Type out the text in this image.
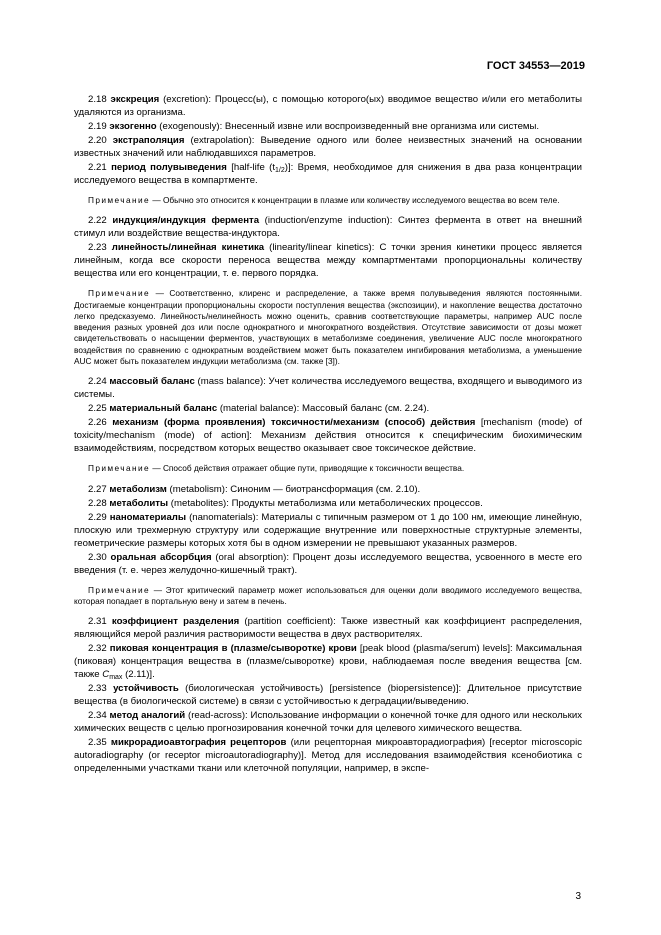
ГОСТ 34553—2019

2.18 экскреция (excretion): Процесс(ы), с помощью которого(ых) вводимое вещество и/или его метаболиты удаляются из организма.

2.19 экзогенно (exogenously): Внесенный извне или воспроизведенный вне организма или системы.

2.20 экстраполяция (extrapolation): Выведение одного или более неизвестных значений на основании известных значений или наблюдавшихся параметров.

2.21 период полувыведения [half-life $(t_{1/2})$]: Время, необходимое для снижения в два раза концентрации исследуемого вещества в компартменте.

Примечание — Обычно это относится к концентрации в плазме или количеству исследуемого вещества во всем теле.

2.22 индукция/индукция фермента (induction/enzyme induction): Синтез фермента в ответ на внешний стимул или воздействие вещества-индуктора.

2.23 линейность/линейная кинетика (linearity/linear kinetics): С точки зрения кинетики процесс является линейным, когда все скорости переноса вещества между компартментами пропорциональны количеству вещества или его концентрации, т. е. первого порядка.

Примечание — Соответственно, клиренс и распределение, а также время полувыведения являются постоянными. Достигаемые концентрации пропорциональны скорости поступления вещества (экспозиции), и накопление вещества достаточно легко предсказуемо. Линейность/нелинейность можно оценить, сравнив соответствующие параметры, например AUC после введения разных уровней доз или после однократного и многократного воздействия. Отсутствие зависимости от дозы может свидетельствовать о насыщении ферментов, участвующих в метаболизме соединения, увеличение AUC после многократного воздействия по сравнению с однократным воздействием может быть показателем ингибирования метаболизма, а уменьшение AUC может быть показателем индукции метаболизма (см. также [3]).

2.24 массовый баланс (mass balance): Учет количества исследуемого вещества, входящего и выводимого из системы.

2.25 материальный баланс (material balance): Массовый баланс (см. 2.24).

2.26 механизм (форма проявления) токсичности/механизм (способ) действия [mechanism (mode) of toxicity/mechanism (mode) of action]: Механизм действия относится к специфическим биохимическим взаимодействиям, посредством которых вещество оказывает свое токсическое действие.

Примечание — Способ действия отражает общие пути, приводящие к токсичности вещества.

2.27 метаболизм (metabolism): Синоним — биотрансформация (см. 2.10).

2.28 метаболиты (metabolites): Продукты метаболизма или метаболических процессов.

2.29 наноматериалы (nanomaterials): Материалы с типичным размером от 1 до 100 нм, имеющие линейную, плоскую или трехмерную структуру или содержащие внутренние или поверхностные структурные элементы, геометрические размеры которых хотя бы в одном измерении не превышают указанных размеров.

2.30 оральная абсорбция (oral absorption): Процент дозы исследуемого вещества, усвоенного в месте его введения (т. е. через желудочно-кишечный тракт).

Примечание — Этот критический параметр может использоваться для оценки доли вводимого исследуемого вещества, которая попадает в портальную вену и затем в печень.

2.31 коэффициент разделения (partition coefficient): Также известный как коэффициент распределения, являющийся мерой различия растворимости вещества в двух растворителях.

2.32 пиковая концентрация в (плазме/сыворотке) крови [peak blood (plasma/serum) levels]: Максимальная (пиковая) концентрация вещества в (плазме/сыворотке) крови, наблюдаемая после введения вещества [см. также $C_{max}$ (2.11)].

2.33 устойчивость (биологическая устойчивость) [persistence (biopersistence)]: Длительное присутствие вещества (в биологической системе) в связи с устойчивостью к деградации/выведению.

2.34 метод аналогий (read-across): Использование информации о конечной точке для одного или нескольких химических веществ с целью прогнозирования конечной точки для целевого химического вещества.

2.35 микрорадиоавтография рецепторов (или рецепторная микроавторадиография) [receptor microscopic autoradiography (or receptor microautoradiography)]. Метод для исследования взаимодействия ксенобиотика с определенными участками ткани или клеточной популяции, например, в экспе-

3
